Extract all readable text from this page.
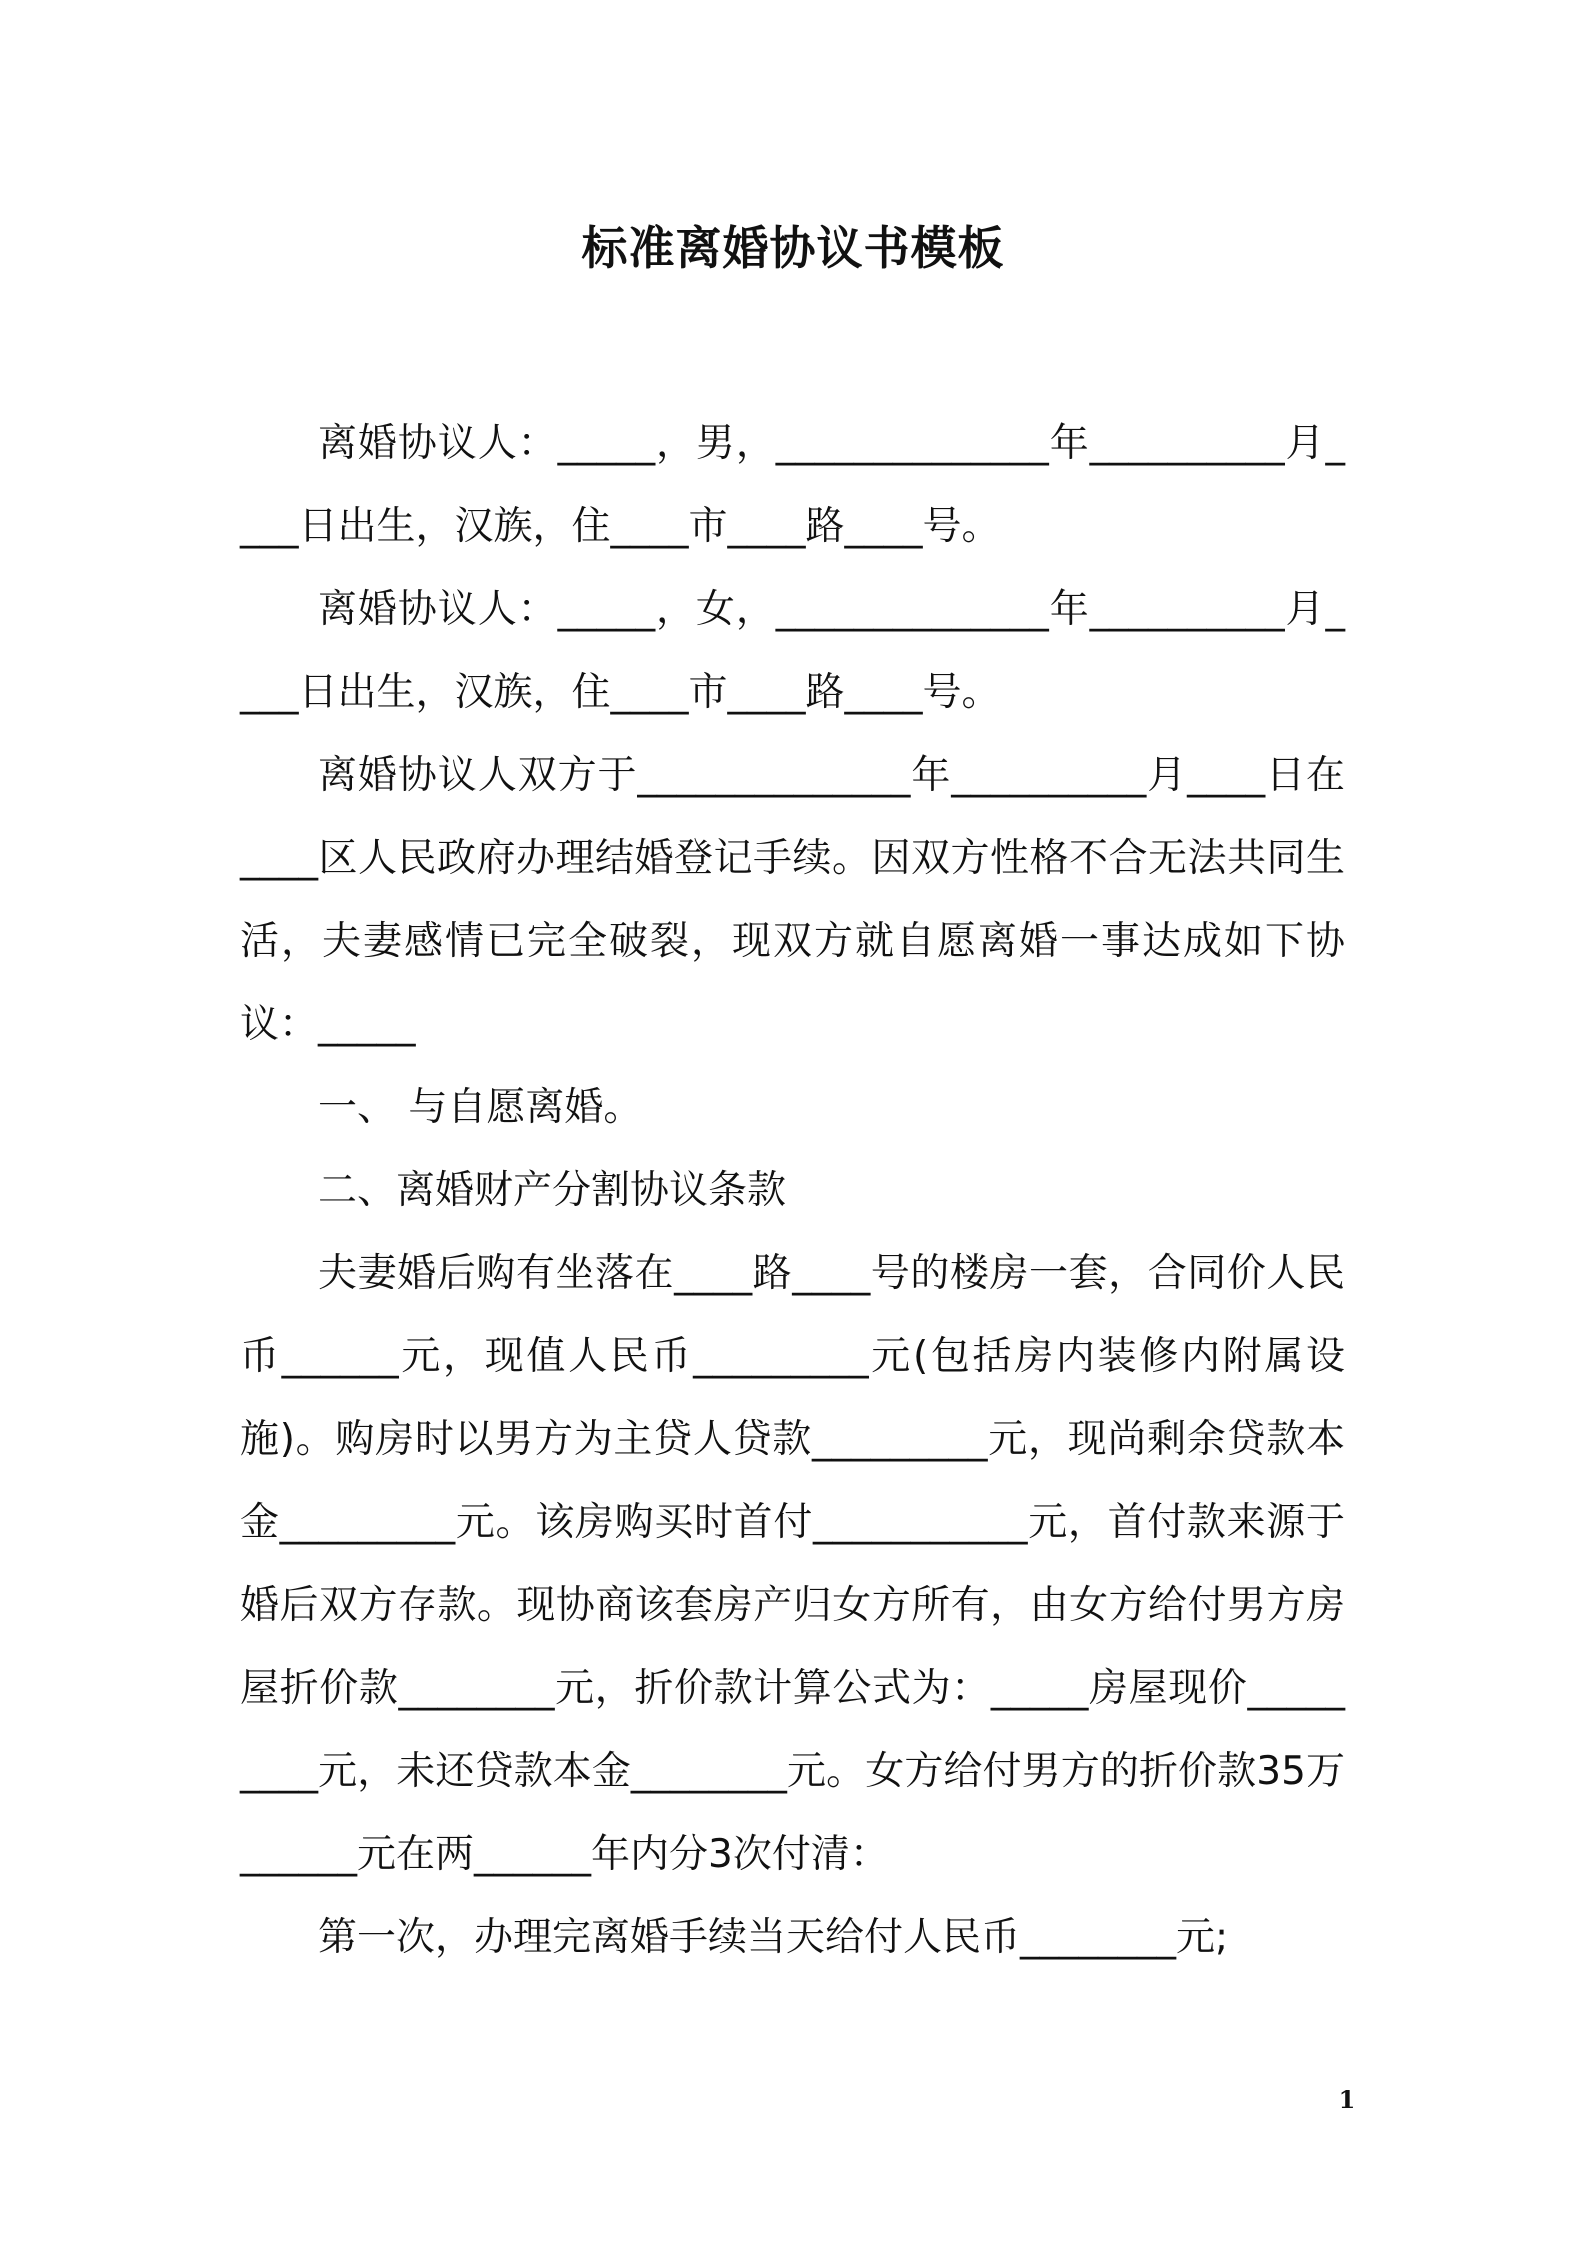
标准离婚协议书模板

离婚协议人：_____，男，______________年__________月____日出生，汉族，住____市____路____号。

离婚协议人：_____，女，______________年__________月____日出生，汉族，住____市____路____号。

离婚协议人双方于______________年__________月____日在____区人民政府办理结婚登记手续。因双方性格不合无法共同生活，夫妻感情已完全破裂，现双方就自愿离婚一事达成如下协议：_____

一、 与自愿离婚。

二、离婚财产分割协议条款

夫妻婚后购有坐落在____路____号的楼房一套，合同价人民币______元，现值人民币_________元(包括房内装修内附属设施)。购房时以男方为主贷人贷款_________元，现尚剩余贷款本金_________元。该房购买时首付___________元，首付款来源于婚后双方存款。现协商该套房产归女方所有，由女方给付男方房屋折价款________元，折价款计算公式为：_____房屋现价_________元，未还贷款本金________元。女方给付男方的折价款35万______元在两______年内分3次付清：

第一次，办理完离婚手续当天给付人民币________元;

1
